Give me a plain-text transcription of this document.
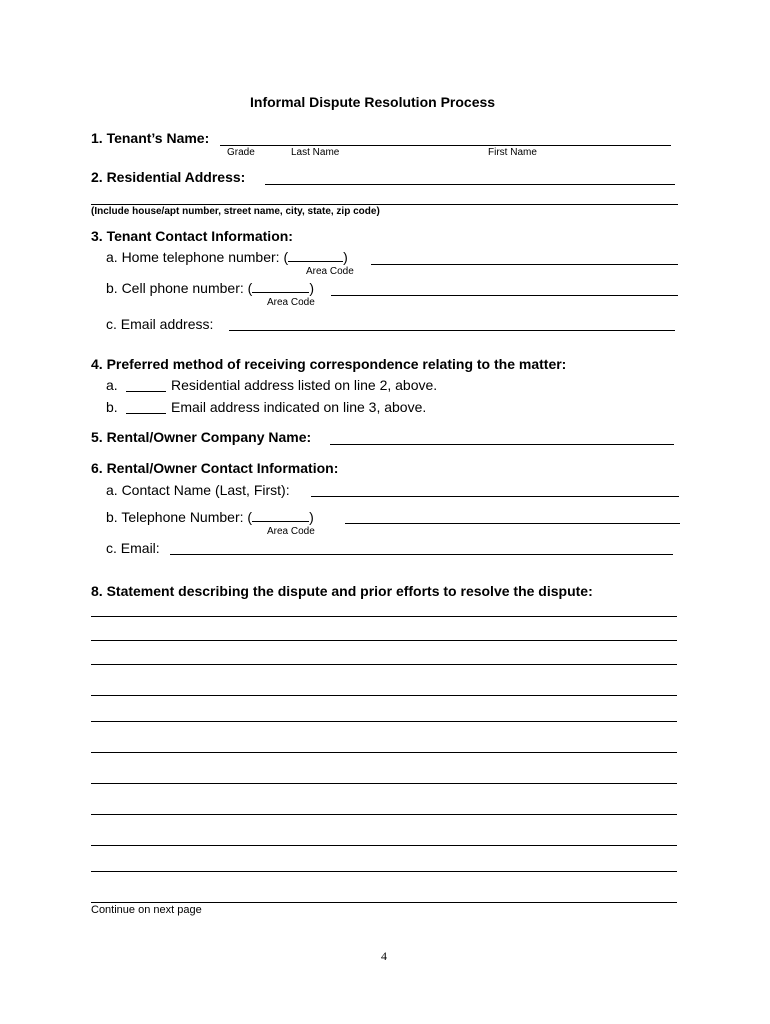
Informal Dispute Resolution Process
1. Tenant’s Name:
Grade	Last Name	First Name
2. Residential Address:
(Include house/apt number, street name, city, state, zip code)
3. Tenant Contact Information:
a. Home telephone number: (	)
Area Code
b. Cell phone number: (	)
Area Code
c. Email address:
4. Preferred method of receiving correspondence relating to the matter:
a.	Residential address listed on line 2, above.
b.	Email address indicated on line 3, above.
5. Rental/Owner Company Name:
6. Rental/Owner Contact Information:
a. Contact Name (Last, First):
b. Telephone Number: (	)
Area Code
c. Email:
8. Statement describing the dispute and prior efforts to resolve the dispute:
Continue on next page
4
